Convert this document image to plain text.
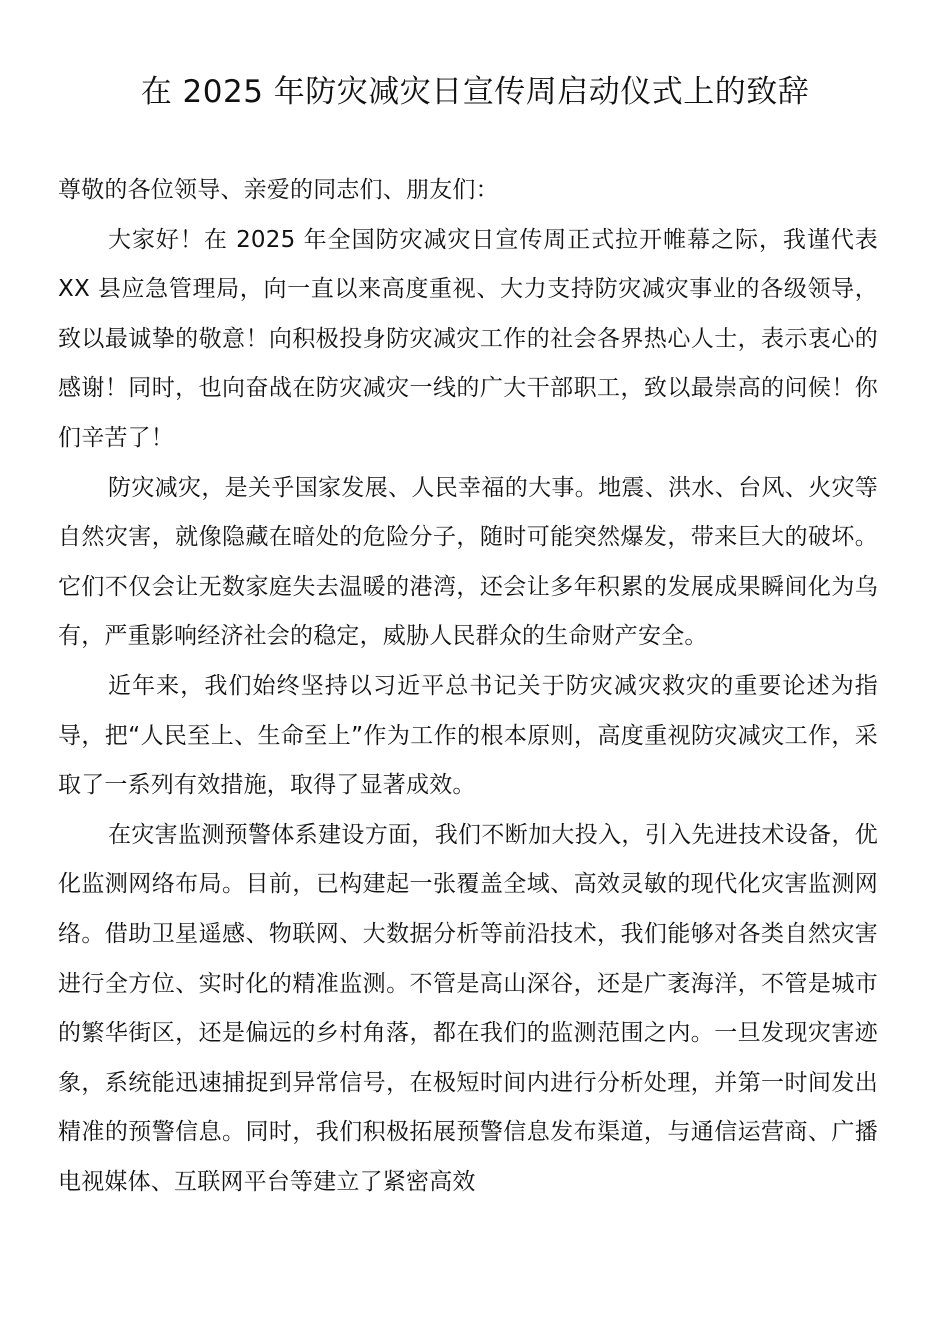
在 2025 年防灾减灾日宣传周启动仪式上的致辞

尊敬的各位领导、亲爱的同志们、朋友们：

大家好！在 2025 年全国防灾减灾日宣传周正式拉开帷幕之际，我谨代表 XX 县应急管理局，向一直以来高度重视、大力支持防灾减灾事业的各级领导，致以最诚挚的敬意！向积极投身防灾减灾工作的社会各界热心人士，表示衷心的感谢！同时，也向奋战在防灾减灾一线的广大干部职工，致以最崇高的问候！你们辛苦了！

防灾减灾，是关乎国家发展、人民幸福的大事。地震、洪水、台风、火灾等自然灾害，就像隐藏在暗处的危险分子，随时可能突然爆发，带来巨大的破坏。它们不仅会让无数家庭失去温暖的港湾，还会让多年积累的发展成果瞬间化为乌有，严重影响经济社会的稳定，威胁人民群众的生命财产安全。

近年来，我们始终坚持以习近平总书记关于防灾减灾救灾的重要论述为指导，把“人民至上、生命至上”作为工作的根本原则，高度重视防灾减灾工作，采取了一系列有效措施，取得了显著成效。

在灾害监测预警体系建设方面，我们不断加大投入，引入先进技术设备，优化监测网络布局。目前，已构建起一张覆盖全域、高效灵敏的现代化灾害监测网络。借助卫星遥感、物联网、大数据分析等前沿技术，我们能够对各类自然灾害进行全方位、实时化的精准监测。不管是高山深谷，还是广袤海洋，不管是城市的繁华街区，还是偏远的乡村角落，都在我们的监测范围之内。一旦发现灾害迹象，系统能迅速捕捉到异常信号，在极短时间内进行分析处理，并第一时间发出精准的预警信息。同时，我们积极拓展预警信息发布渠道，与通信运营商、广播电视媒体、互联网平台等建立了紧密高效
